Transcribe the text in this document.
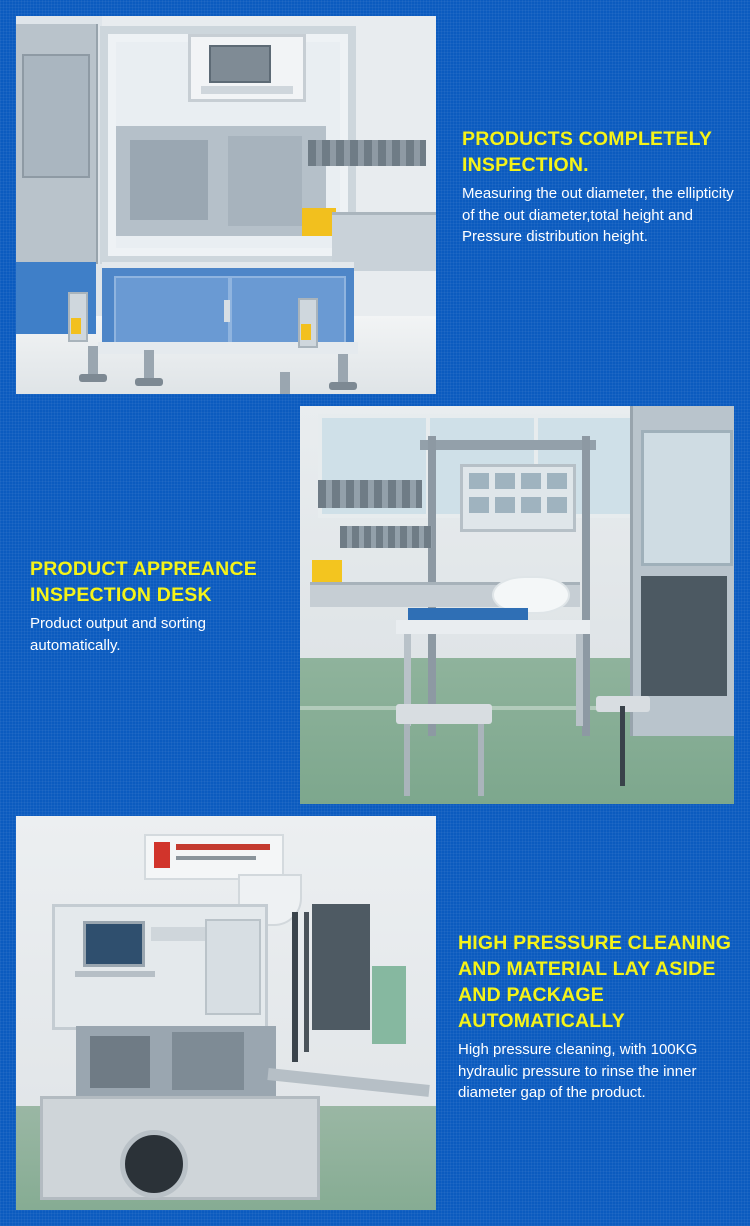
PRODUCTS COMPLETELY INSPECTION.

Measuring the out diameter, the ellipticity of the out diameter,total height and Pressure distribution height.

PRODUCT APPREANCE INSPECTION DESK

Product output and sorting automatically.

HIGH PRESSURE CLEANING AND MATERIAL LAY ASIDE AND PACKAGE AUTOMATICALLY

High pressure cleaning, with 100KG hydraulic pressure to rinse the inner diameter gap of the product.
